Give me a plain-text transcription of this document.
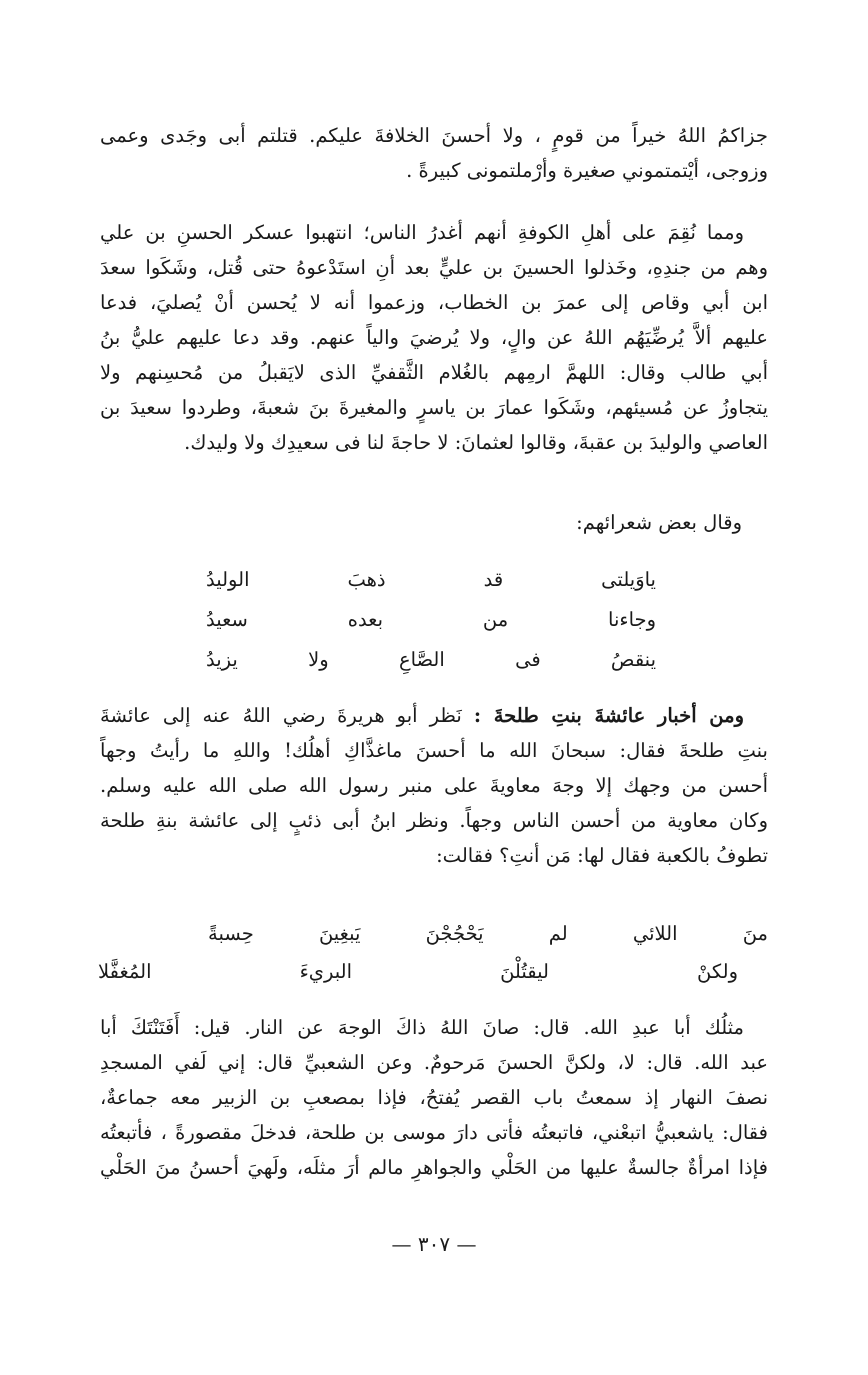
جزاكمُ اللهُ خيراً من قومٍ ، ولا أحسنَ الخلافةَ عليكم. قتلتم أبى وجَدى وعمى
وزوجى، أيْتمتموني صغيرة وأرْملتمونى كبيرةً .
ومما نُقِمَ على أهلِ الكوفةِ أنهم أغدرُ الناس؛ انتهبوا عسكر الحسنِ بن علي
وهم من جندِهِ، وخَذلوا الحسينَ بن عليٍّ بعد أنِ استَدْعوهُ حتى قُتل، وشَكَوا سعدَ
ابن أبي وقاص إلى عمرَ بن الخطاب، وزعموا أنه لا يُحسن أنْ يُصليَ، فدعا
عليهم ألاَّ يُرضِّيَهُم اللهُ عن والٍ، ولا يُرضيَ والياً عنهم. وقد دعا عليهم عليُّ بنُ
أبي طالب وقال: اللهمَّ ارمِهم بالغُلام الثَّقفيِّ الذى لايَقبلُ من مُحسِنهم ولا
يتجاوزُ عن مُسيئهم، وشَكَوا عمارَ بن ياسرٍ والمغيرةَ بنَ شعبةَ، وطردوا سعيدَ بن
العاصي والوليدَ بن عقبةَ، وقالوا لعثمانَ: لا حاجةَ لنا فى سعيدِك ولا وليدك.
وقال بعض شعرائهم:
ياوَيلتى قد ذهبَ الوليدُ
وجاءنا من بعده سعيدُ
ينقصُ فى الصَّاعِ ولا يزيدُ
ومن أخبار عائشةَ بنتِ طلحةَ : نَظر أبو هريرةَ رضي اللهُ عنه إلى عائشةَ
بنتِ طلحةَ فقال: سبحانَ الله ما أحسنَ ماغذَّاكِ أهلُك! واللهِ ما رأيتُ وجهاً
أحسن من وجهك إلا وجهَ معاويةَ على منبر رسول الله صلى الله عليه وسلم.
وكان معاوية من أحسن الناس وجهاً. ونظر ابنُ أبى ذئبٍ إلى عائشة بنةِ طلحة
تطوفُ بالكعبة فقال لها: مَن أنتِ؟ فقالت:
منَ اللائي لم يَحْجُجْنَ يَبغِينَ حِسبةً
ولكنْ ليقتُلْنَ البريءَ المُغفَّلا
مثلُك أبا عبدِ الله. قال: صانَ اللهُ ذاكَ الوجهَ عن النار. قيل: أَفَتَنْتَكَ أبا
عبد الله. قال: لا، ولكنَّ الحسنَ مَرحومٌ. وعن الشعبيِّ قال: إني لَفي المسجدِ
نصفَ النهار إذ سمعتُ باب القصر يُفتحُ، فإذا بمصعبِ بن الزبير معه جماعةٌ،
فقال: ياشعبيُّ اتبعْني، فاتبعتُه فأتى دارَ موسى بن طلحة، فدخلَ مقصورةً ، فأتبعتُه
فإذا امرأةٌ جالسةٌ عليها من الحَلْي والجواهرِ مالم أرَ مثلَه، ولَهيَ أحسنُ منَ الحَلْي
— ٣٠٧ —
